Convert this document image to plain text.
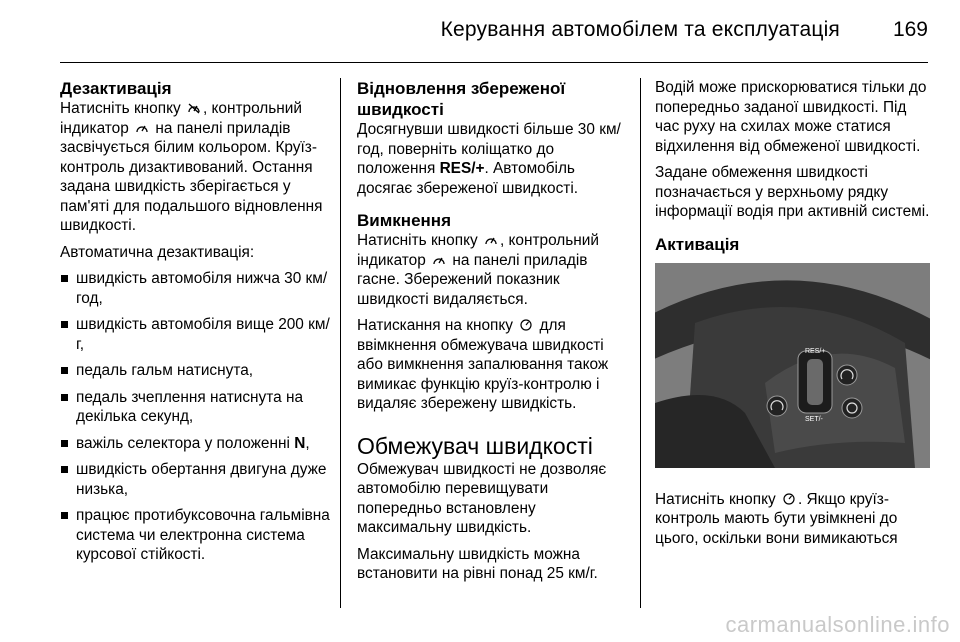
Керування автомобілем та експлуатація	169
Дезактивація

Натисніть кнопку , контрольний індикатор на панелі приладів засвічується білим кольором. Круїз-контроль дизактивований. Остання задана швидкість зберігається у пам'яті для подальшого відновлення швидкості.

Автоматична дезактивація:

швидкість автомобіля нижча 30 км/год,
швидкість автомобіля вище 200 км/г,
педаль гальм натиснута,
педаль зчеплення натиснута на декілька секунд,
важіль селектора у положенні N,
швидкість обертання двигуна дуже низька,
працює протибуксовочна гальмівна система чи електронна система курсової стійкості.
Відновлення збереженої швидкості

Досягнувши швидкості більше 30 км/год, поверніть коліщатко до положення RES/+. Автомобіль досягає збереженої швидкості.

Вимкнення

Натисніть кнопку , контрольний індикатор на панелі приладів гасне. Збережений показник швидкості видаляється.

Натискання на кнопку для ввімкнення обмежувача швидкості або вимкнення запалювання також вимикає функцію круїз-контролю і видаляє збережену швидкість.

Обмежувач швидкості

Обмежувач швидкості не дозволяє автомобілю перевищувати попередньо встановлену максимальну швидкість.

Максимальну швидкість можна встановити на рівні понад 25 км/г.

Водій може прискорюватися тільки до попередньо заданої швидкості. Під час руху на схилах може статися відхилення від обмеженої швидкості.

Задане обмеження швидкості позначається у верхньому рядку інформації водія при активній системі.

Активація
RES/+
SET/-

Натисніть кнопку . Якщо круїз-контроль мають бути увімкнені до цього, оскільки вони вимикаються

carmanualsonline.info
